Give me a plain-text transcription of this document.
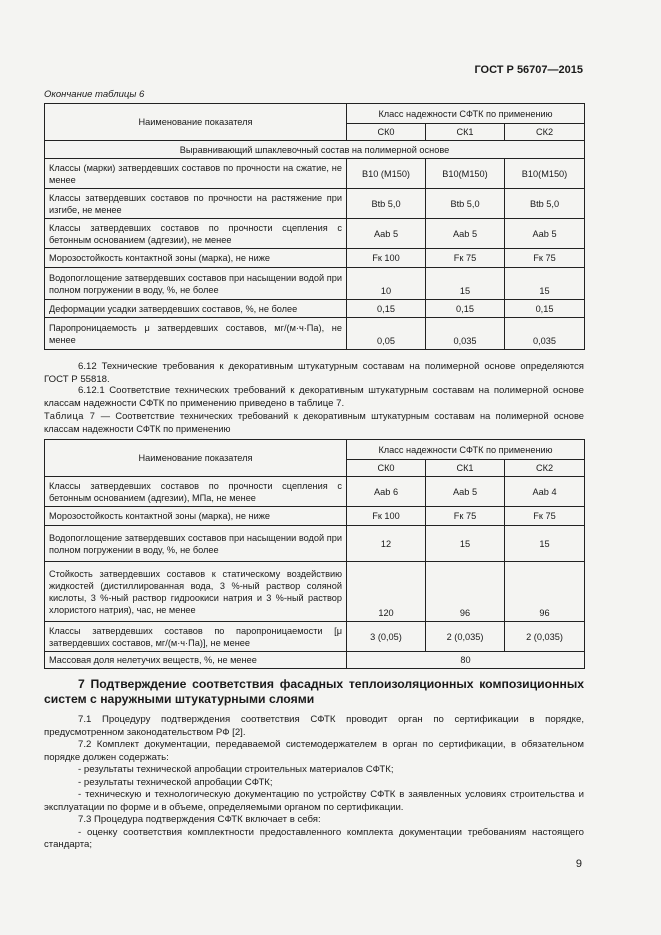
ГОСТ Р 56707—2015
Окончание таблицы 6
Наименование показателя	Класс надежности СФТК по применению		
	СК0	СК1	СК2
Выравнивающий шпаклевочный состав на полимерной основе			
Классы (марки) затвердевших составов по прочности на сжатие, не менее	В10 (М150)	В10(М150)	В10(М150)
Классы затвердевших составов по прочности на растяжение при изгибе, не менее	Вtb 5,0	Вtb 5,0	Вtb 5,0
Классы затвердевших составов по прочности сцепления с бетонным основанием (адгезии), не менее	Ааb 5	Ааb 5	Ааb 5
Морозостойкость контактной зоны (марка), не ниже	Fк 100	Fк 75	Fк 75
Водопоглощение затвердевших составов при насыщении водой при полном погружении в воду, %, не более	10	15	15
Деформации усадки затвердевших составов, %, не более	0,15	0,15	0,15
Паропроницаемость μ затвердевших составов, мг/(м·ч·Па), не менее	0,05	0,035	0,035
6.12 Технические требования к декоративным штукатурным составам на полимерной основе определяются ГОСТ Р 55818.
6.12.1 Соответствие технических требований к декоративным штукатурным составам на полимерной основе классам надежности СФТК по применению приведено в таблице 7.
Таблица 7 — Соответствие технических требований к декоративным штукатурным составам на полимерной основе классам надежности СФТК по применению
Наименование показателя	Класс надежности СФТК по применению		
	СК0	СК1	СК2
Классы затвердевших составов по прочности сцепления с бетонным основанием (адгезии), МПа, не менее	Ааb 6	Ааb 5	Ааb 4
Морозостойкость контактной зоны (марка), не ниже	Fк 100	Fк 75	Fк 75
Водопоглощение затвердевших составов при насыщении водой при полном погружении в воду, %, не более	12	15	15
Стойкость затвердевших составов к статическому воздействию жидкостей (дистиллированная вода, 3 %-ный раствор соляной кислоты, 3 %-ный раствор гидроокиси натрия и 3 %-ный раствор хлористого натрия), час, не менее	120	96	96
Классы затвердевших составов по паропроницаемости [μ затвердевших составов, мг/(м·ч·Па)], не менее	3 (0,05)	2 (0,035)	2 (0,035)
Массовая доля нелетучих веществ, %, не менее	80		
7 Подтверждение соответствия фасадных теплоизоляционных композиционных систем с наружными штукатурными слоями
7.1 Процедуру подтверждения соответствия СФТК проводит орган по сертификации в порядке, предусмотренном законодательством РФ [2].
7.2 Комплект документации, передаваемой системодержателем в орган по сертификации, в обязательном порядке должен содержать:
- результаты технической апробации строительных материалов СФТК;
- результаты технической апробации СФТК;
- техническую и технологическую документацию по устройству СФТК в заявленных условиях строительства и эксплуатации по форме и в объеме, определяемыми органом по сертификации.
7.3 Процедура подтверждения СФТК включает в себя:
- оценку соответствия комплектности предоставленного комплекта документации требованиям настоящего стандарта;
9
